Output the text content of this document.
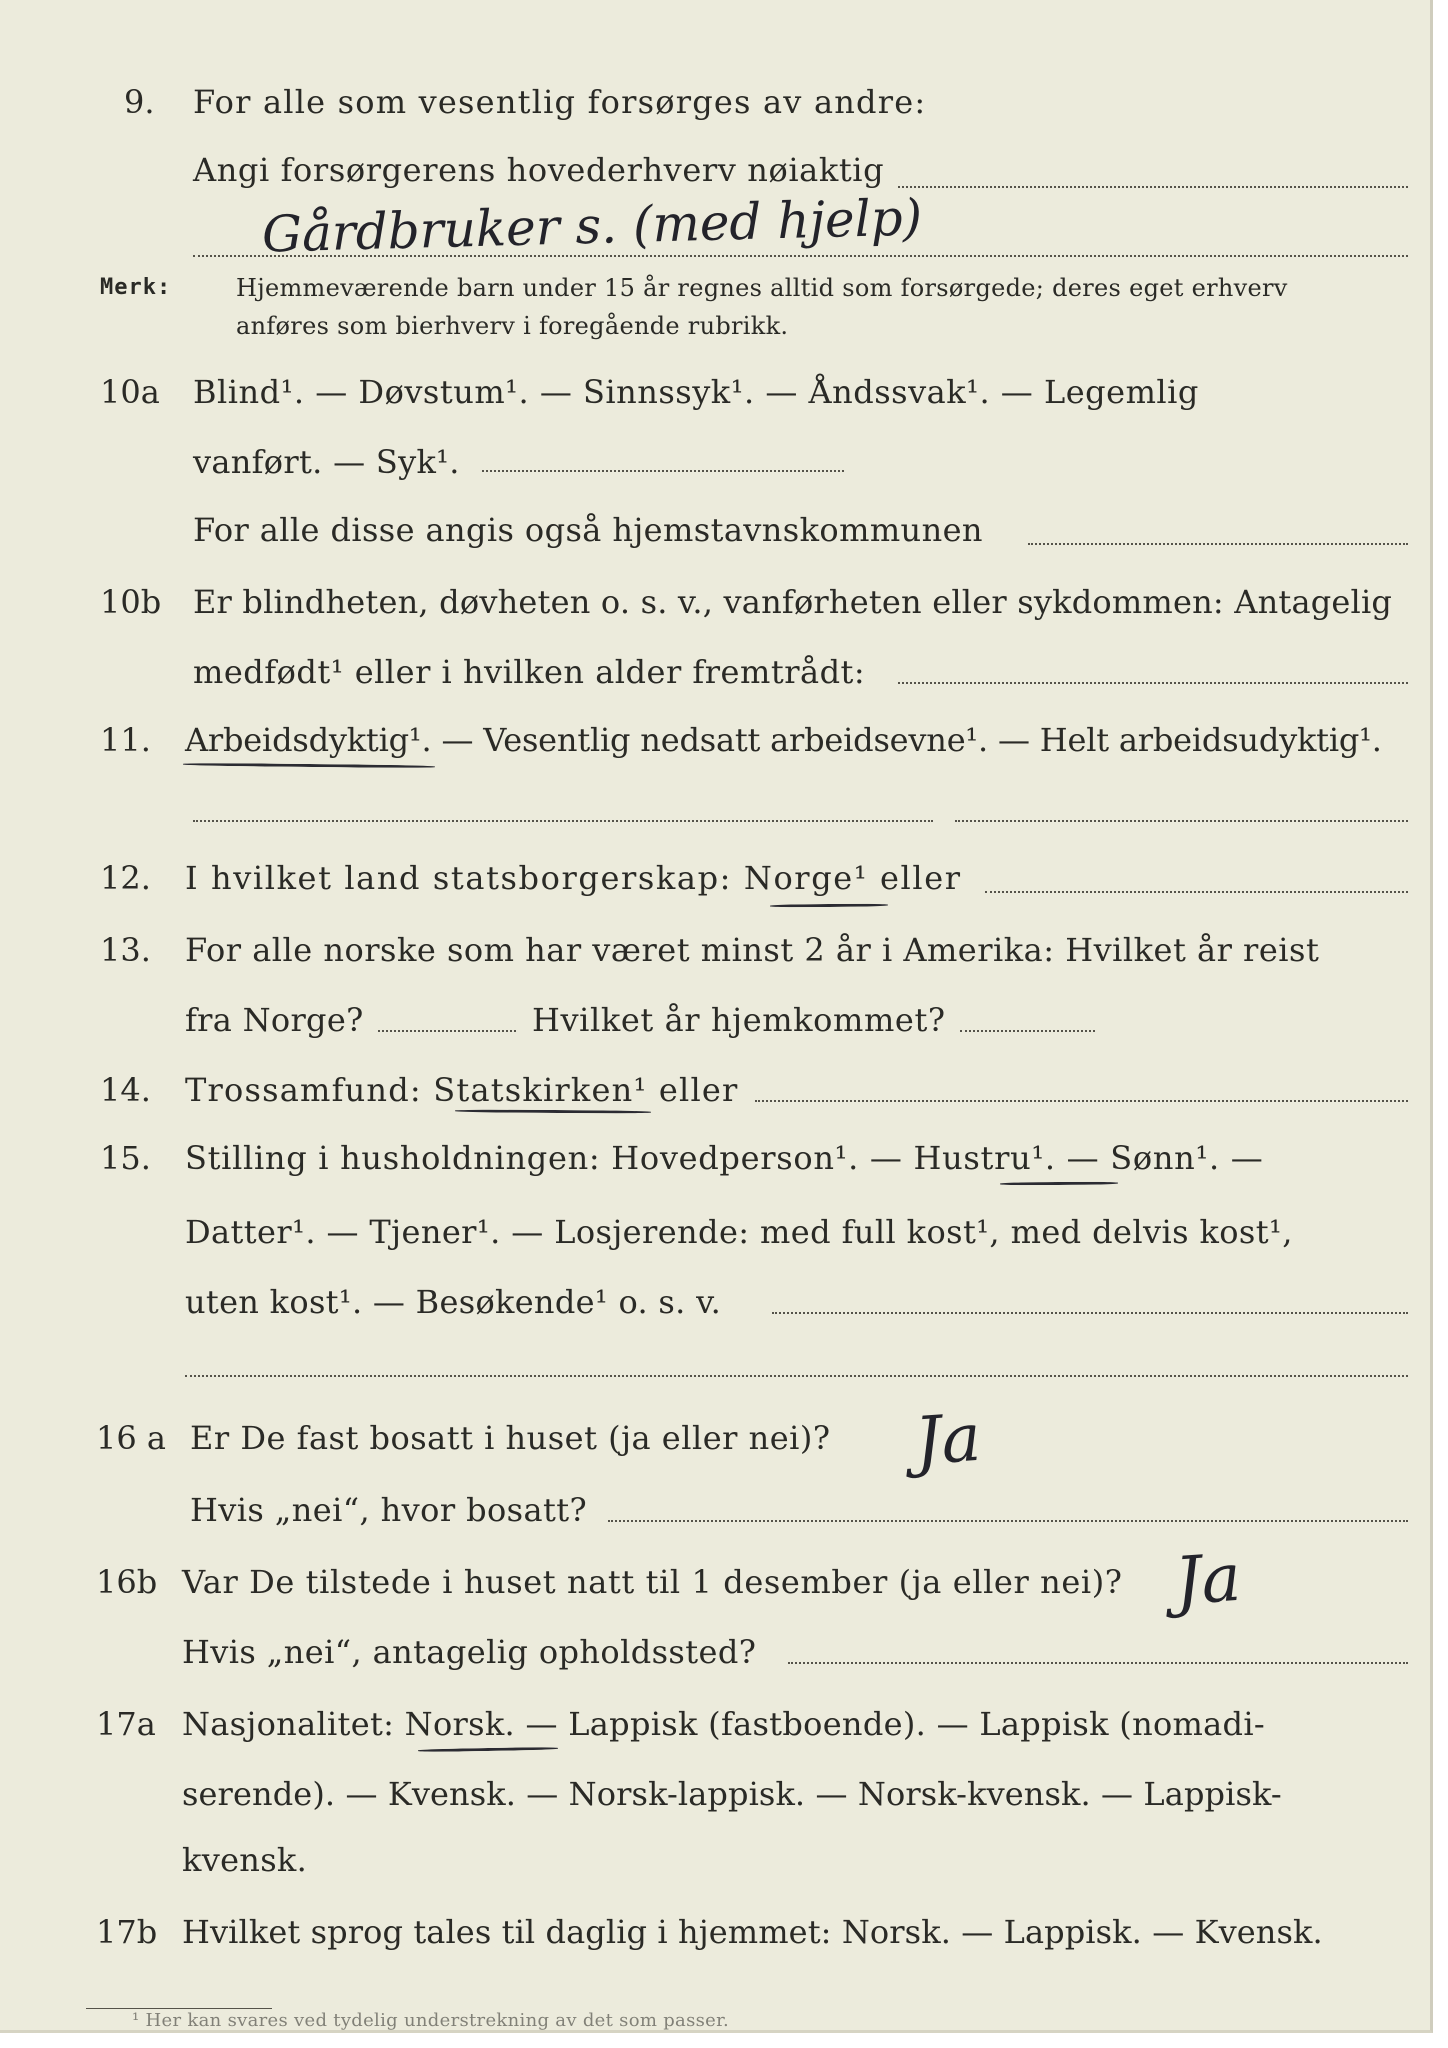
9. For alle som vesentlig forsørges av andre:
Angi forsørgerens hovederhverv nøiaktig
Gårdbruker s. (med hjelp)
Merk:	Hjemmeværende barn under 15 år regnes alltid som forsørgede; deres eget erhverv
anføres som bierhverv i foregående rubrikk.
10a Blind¹. — Døvstum¹. — Sinnssyk¹. — Åndssvak¹. — Legemlig
vanført. — Syk¹.
For alle disse angis også hjemstavnskommunen
10b Er blindheten, døvheten o. s. v., vanførheten eller sykdommen: Antagelig
medfødt¹ eller i hvilken alder fremtrådt:
11. Arbeidsdyktig¹. — Vesentlig nedsatt arbeidsevne¹. — Helt arbeidsudyktig¹.
12. I hvilket land statsborgerskap: Norge¹ eller
13. For alle norske som har været minst 2 år i Amerika: Hvilket år reist
fra Norge?	Hvilket år hjemkommet?
14. Trossamfund: Statskirken¹ eller
15. Stilling i husholdningen: Hovedperson¹. — Hustru¹. — Sønn¹. —
Datter¹. — Tjener¹. — Losjerende: med full kost¹, med delvis kost¹,
uten kost¹. — Besøkende¹ o. s. v.
16 a Er De fast bosatt i huset (ja eller nei)? Ja
Hvis „nei“, hvor bosatt?
16b Var De tilstede i huset natt til 1 desember (ja eller nei)? Ja
Hvis „nei“, antagelig opholdssted?
17a Nasjonalitet: Norsk. — Lappisk (fastboende). — Lappisk (nomadi-
serende). — Kvensk. — Norsk-lappisk. — Norsk-kvensk. — Lappisk-
kvensk.
17b Hvilket sprog tales til daglig i hjemmet: Norsk. — Lappisk. — Kvensk.
¹ Her kan svares ved tydelig understrekning av det som passer.
